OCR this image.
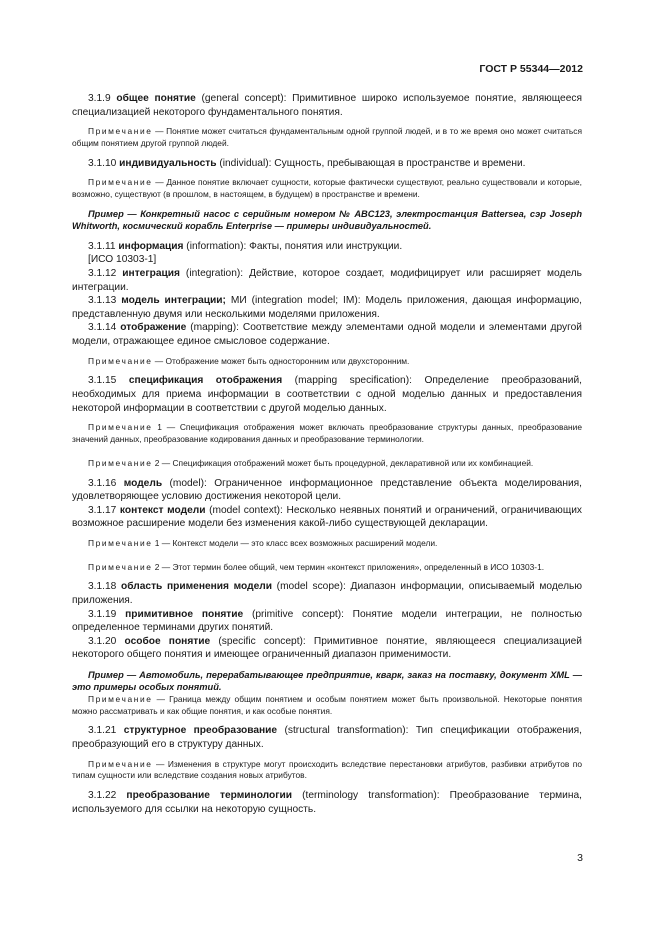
ГОСТ Р 55344—2012

3.1.9 общее понятие (general concept): Примитивное широко используемое понятие, являющееся специализацией некоторого фундаментального понятия.

Примечание — Понятие может считаться фундаментальным одной группой людей, и в то же время оно может считаться общим понятием другой группой людей.

3.1.10 индивидуальность (individual): Сущность, пребывающая в пространстве и времени.

Примечание — Данное понятие включает сущности, которые фактически существуют, реально существовали и которые, возможно, существуют (в прошлом, в настоящем, в будущем) в пространстве и времени.

Пример — Конкретный насос с серийным номером № ABC123, электростанция Battersea, сэр Joseph Whitworth, космический корабль Enterprise — примеры индивидуальностей.

3.1.11 информация (information): Факты, понятия или инструкции.

[ИСО 10303-1]

3.1.12 интеграция (integration): Действие, которое создает, модифицирует или расширяет модель интеграции.

3.1.13 модель интеграции; МИ (integration model; IM): Модель приложения, дающая информацию, представленную двумя или несколькими моделями приложения.

3.1.14 отображение (mapping): Соответствие между элементами одной модели и элементами другой модели, отражающее единое смысловое содержание.

Примечание — Отображение может быть односторонним или двухсторонним.

3.1.15 спецификация отображения (mapping specification): Определение преобразований, необходимых для приема информации в соответствии с одной моделью данных и предоставления некоторой информации в соответствии с другой моделью данных.

Примечание 1 — Спецификация отображения может включать преобразование структуры данных, преобразование значений данных, преобразование кодирования данных и преобразование терминологии.

Примечание 2 — Спецификация отображений может быть процедурной, декларативной или их комбинацией.

3.1.16 модель (model): Ограниченное информационное представление объекта моделирования, удовлетворяющее условию достижения некоторой цели.

3.1.17 контекст модели (model context): Несколько неявных понятий и ограничений, ограничивающих возможное расширение модели без изменения какой-либо существующей декларации.

Примечание 1 — Контекст модели — это класс всех возможных расширений модели.

Примечание 2 — Этот термин более общий, чем термин «контекст приложения», определенный в ИСО 10303-1.

3.1.18 область применения модели (model scope): Диапазон информации, описываемый моделью приложения.

3.1.19 примитивное понятие (primitive concept): Понятие модели интеграции, не полностью определенное терминами других понятий.

3.1.20 особое понятие (specific concept): Примитивное понятие, являющееся специализацией некоторого общего понятия и имеющее ограниченный диапазон применимости.

Пример — Автомобиль, перерабатывающее предприятие, кварк, заказ на поставку, документ XML — это примеры особых понятий.

Примечание — Граница между общим понятием и особым понятием может быть произвольной. Некоторые понятия можно рассматривать и как общие понятия, и как особые понятия.

3.1.21 структурное преобразование (structural transformation): Тип спецификации отображения, преобразующий его в структуру данных.

Примечание — Изменения в структуре могут происходить вследствие перестановки атрибутов, разбивки атрибутов по типам сущности или вследствие создания новых атрибутов.

3.1.22 преобразование терминологии (terminology transformation): Преобразование термина, используемого для ссылки на некоторую сущность.

3
